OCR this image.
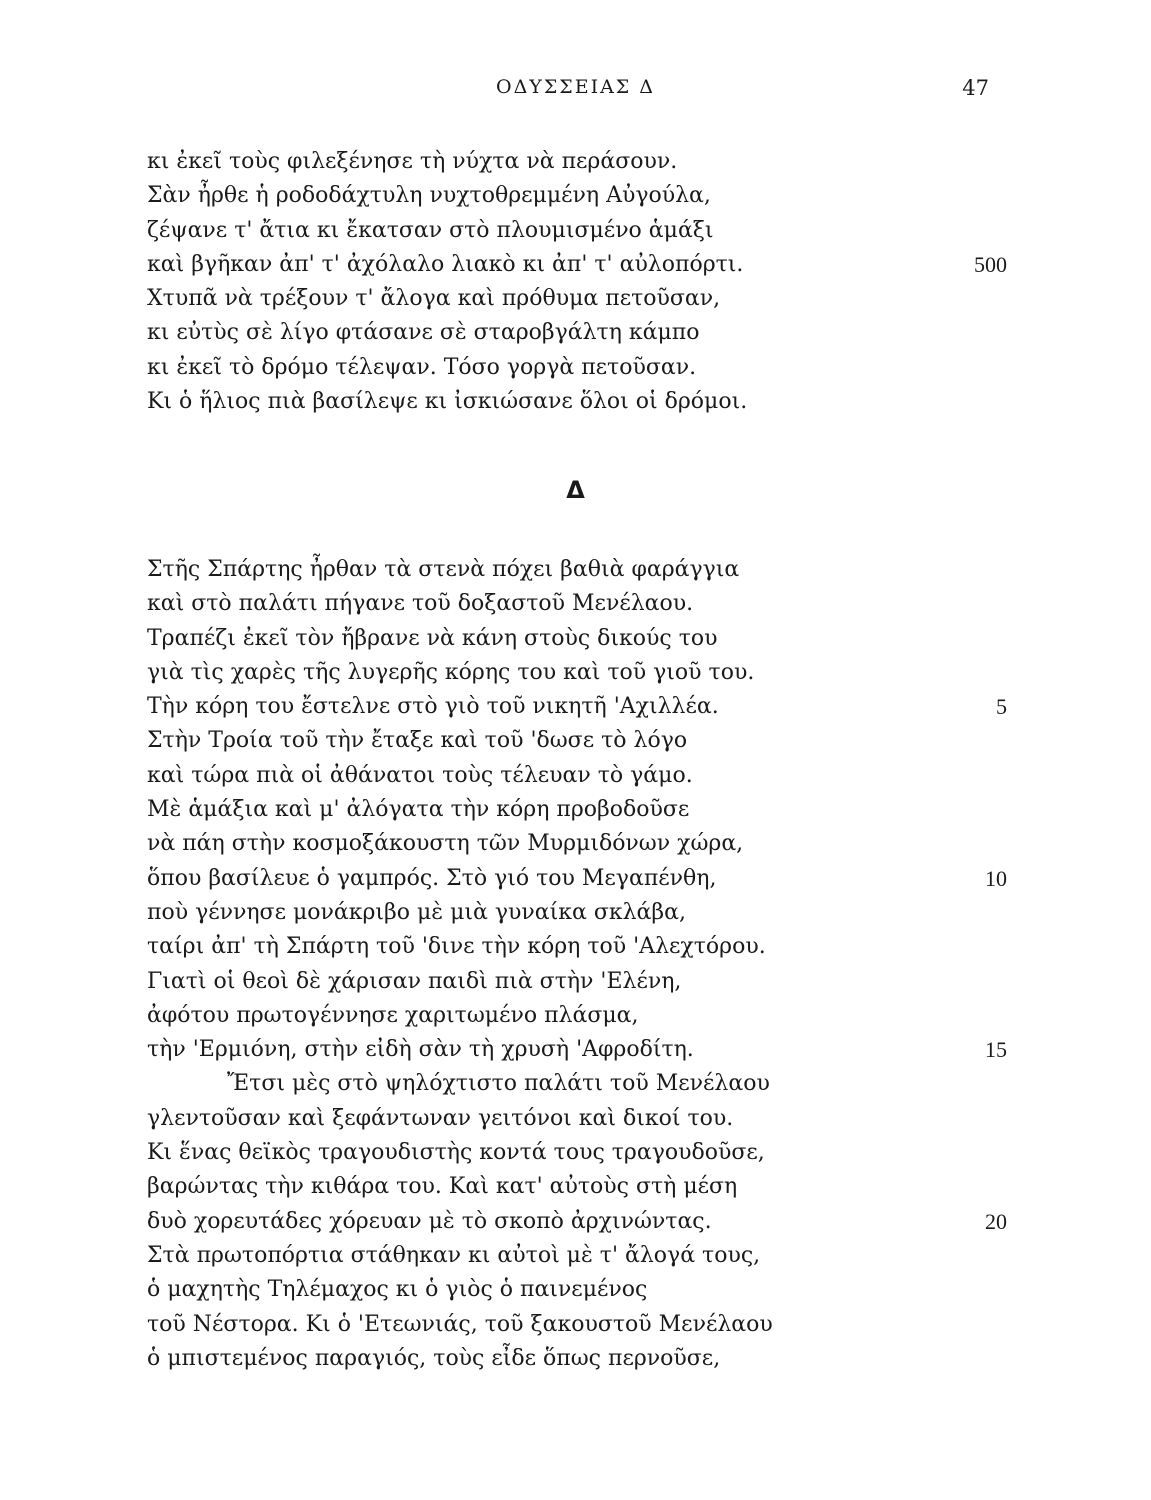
ΟΔΥΣΣΕΙΑΣ Δ	47
κι ἐκεῖ τοὺς φιλεξένησε τὴ νύχτα νὰ περάσουν.
Σὰν ἦρθε ἡ ροδοδάχτυλη νυχτοθρεμμένη Αὐγούλα,
ζέψανε τ' ἄτια κι ἔκατσαν στὸ πλουμισμένο ἁμάξι
καὶ βγῆκαν ἀπ' τ' ἀχόλαλο λιακὸ κι ἀπ' τ' αὐλοπόρτι.	500
Χτυπᾶ νὰ τρέξουν τ' ἄλογα καὶ πρόθυμα πετοῦσαν,
κι εὐτὺς σὲ λίγο φτάσανε σὲ σταροβγάλτη κάμπο
κι ἐκεῖ τὸ δρόμο τέλεψαν. Τόσο γοργὰ πετοῦσαν.
Κι ὁ ἥλιος πιὰ βασίλεψε κι ἰσκιώσανε ὅλοι οἱ δρόμοι.
Δ
Στῆς Σπάρτης ἦρθαν τὰ στενὰ πόχει βαθιὰ φαράγγια
καὶ στὸ παλάτι πήγανε τοῦ δοξαστοῦ Μενέλαου.
Τραπέζι ἐκεῖ τὸν ἤβρανε νὰ κάνη στοὺς δικούς του
γιὰ τὶς χαρὲς τῆς λυγερῆς κόρης του καὶ τοῦ γιοῦ του.
Τὴν κόρη του ἔστελνε στὸ γιὸ τοῦ νικητῆ 'Αχιλλέα.	5
Στὴν Τροία τοῦ τὴν ἔταξε καὶ τοῦ 'δωσε τὸ λόγο
καὶ τώρα πιὰ οἱ ἀθάνατοι τοὺς τέλευαν τὸ γάμο.
Μὲ ἁμάξια καὶ μ' ἀλόγατα τὴν κόρη προβοδοῦσε
νὰ πάη στὴν κοσμοξάκουστη τῶν Μυρμιδόνων χώρα,
ὅπου βασίλευε ὁ γαμπρός. Στὸ γιό του Μεγαπένθη,	10
ποὺ γέννησε μονάκριβο μὲ μιὰ γυναίκα σκλάβα,
ταίρι ἀπ' τὴ Σπάρτη τοῦ 'δινε τὴν κόρη τοῦ 'Αλεχτόρου.
Γιατὶ οἱ θεοὶ δὲ χάρισαν παιδὶ πιὰ στὴν 'Ελένη,
ἀφότου πρωτογέννησε χαριτωμένο πλάσμα,
τὴν 'Ερμιόνη, στὴν εἰδὴ σὰν τὴ χρυσὴ 'Αφροδίτη.	15
Ἔτσι μὲς στὸ ψηλόχτιστο παλάτι τοῦ Μενέλαου
γλεντοῦσαν καὶ ξεφάντωναν γειτόνοι καὶ δικοί του.
Κι ἕνας θεϊκὸς τραγουδιστὴς κοντά τους τραγουδοῦσε,
βαρώντας τὴν κιθάρα του. Καὶ κατ' αὐτοὺς στὴ μέση
δυὸ χορευτάδες χόρευαν μὲ τὸ σκοπὸ ἀρχινώντας.	20
Στὰ πρωτοπόρτια στάθηκαν κι αὐτοὶ μὲ τ' ἄλογά τους,
ὁ μαχητὴς Τηλέμαχος κι ὁ γιὸς ὁ παινεμένος
τοῦ Νέστορα. Κι ὁ 'Ετεωνιάς, τοῦ ξακουστοῦ Μενέλαου
ὁ μπιστεμένος παραγιός, τοὺς εἶδε ὅπως περνοῦσε,
